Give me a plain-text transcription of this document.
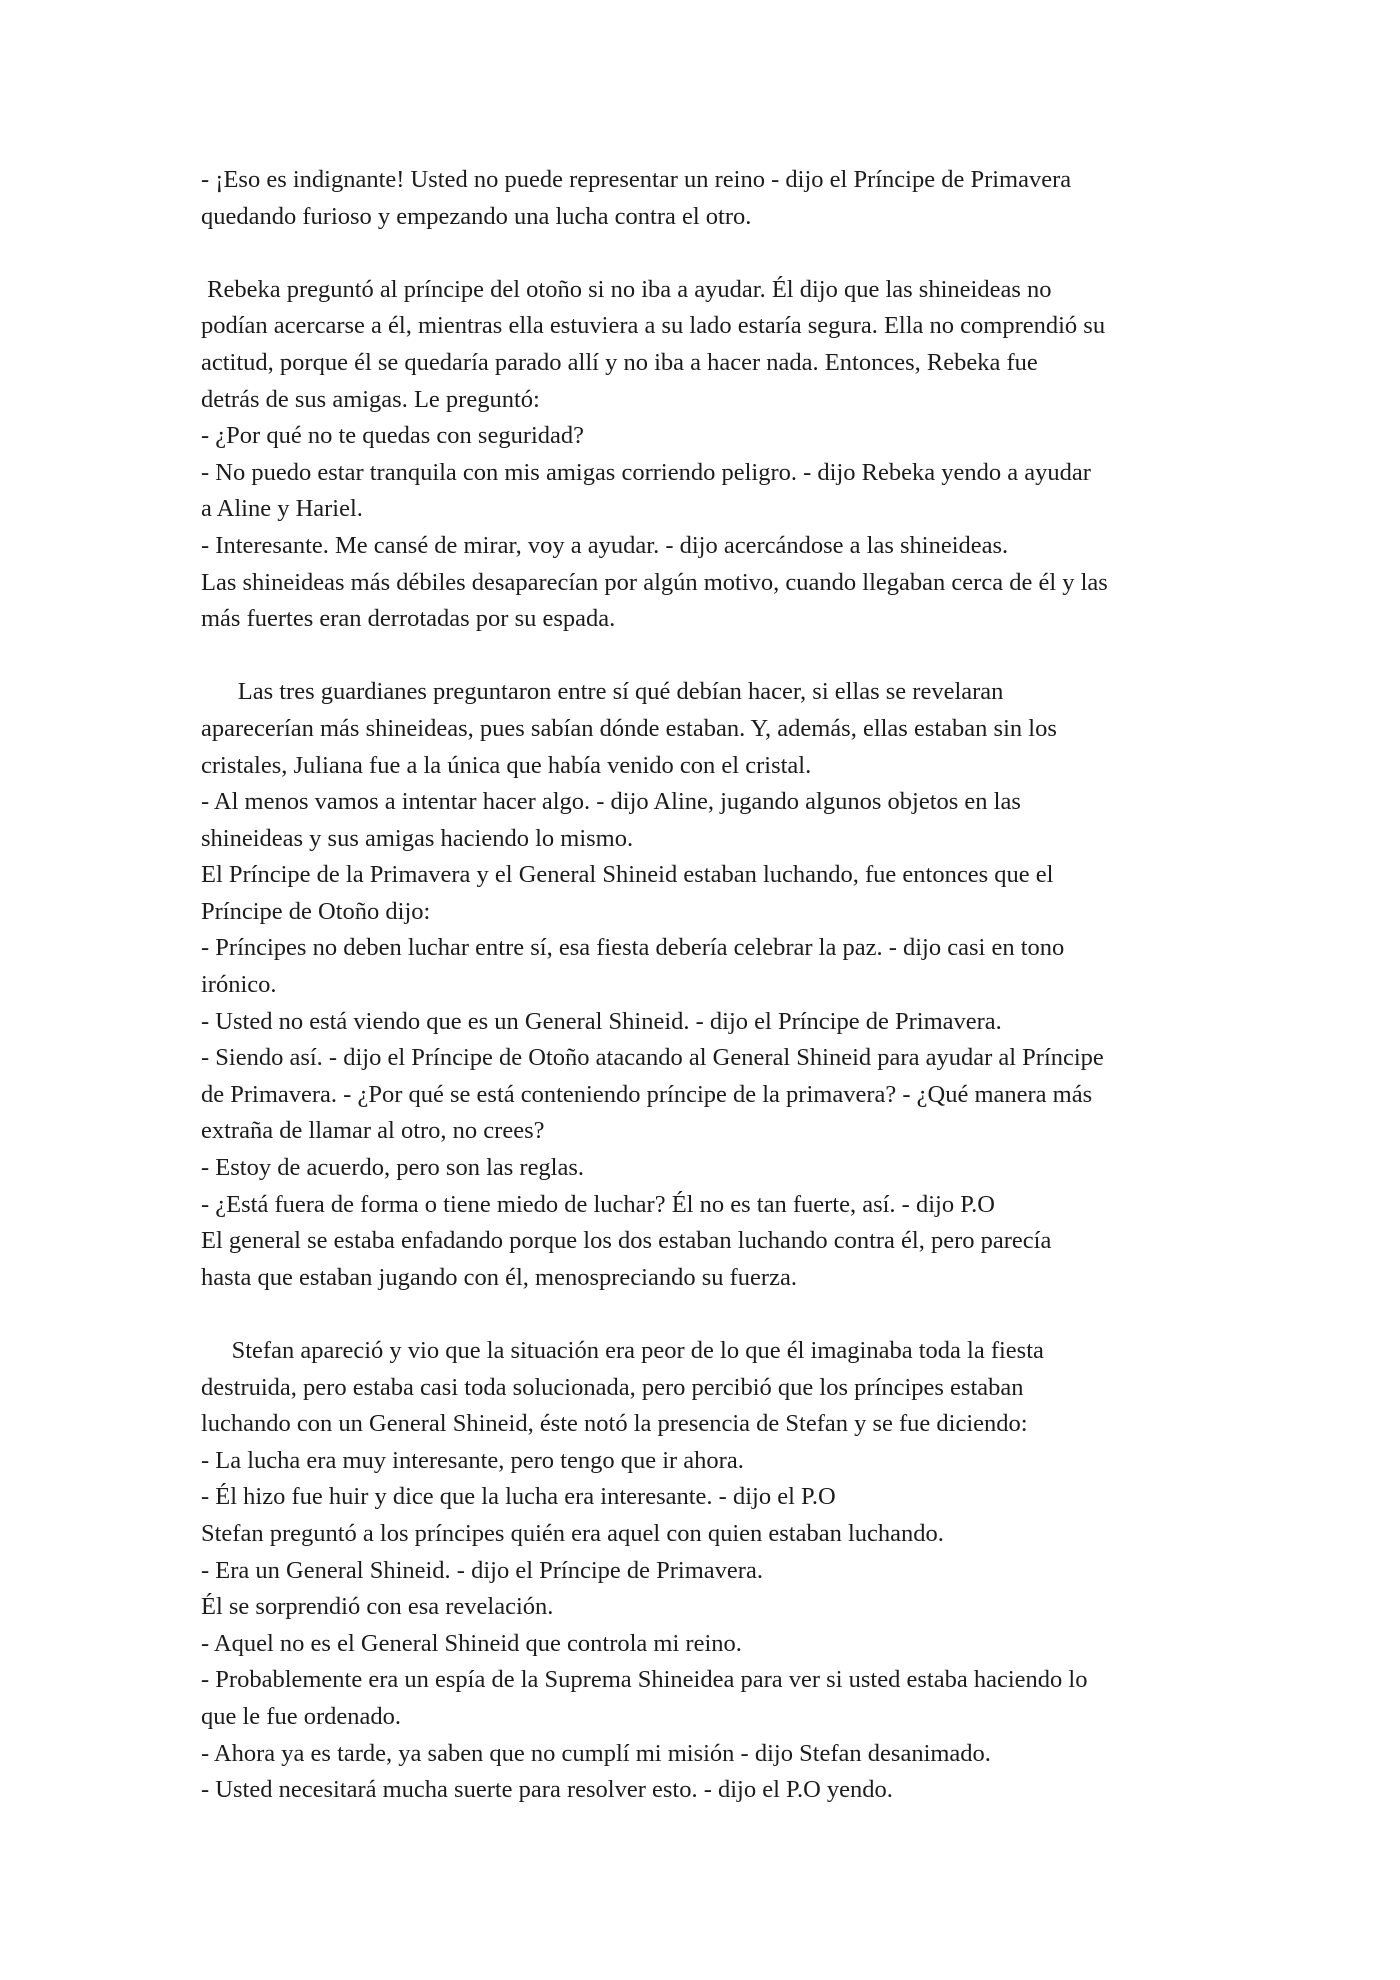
- ¡Eso es indignante! Usted no puede representar un reino - dijo el Príncipe de Primavera
quedando furioso y empezando una lucha contra el otro.
Rebeka preguntó al príncipe del otoño si no iba a ayudar. Él dijo que las shineideas no
podían acercarse a él, mientras ella estuviera a su lado estaría segura. Ella no comprendió su
actitud, porque él se quedaría parado allí y no iba a hacer nada. Entonces, Rebeka fue
detrás de sus amigas. Le preguntó:
- ¿Por qué no te quedas con seguridad?
- No puedo estar tranquila con mis amigas corriendo peligro. - dijo Rebeka yendo a ayudar
a Aline y Hariel.
- Interesante. Me cansé de mirar, voy a ayudar. - dijo acercándose a las shineideas.
Las shineideas más débiles desaparecían por algún motivo, cuando llegaban cerca de él y las
más fuertes eran derrotadas por su espada.
Las tres guardianes preguntaron entre sí qué debían hacer, si ellas se revelaran
aparecerían más shineideas, pues sabían dónde estaban. Y, además, ellas estaban sin los
cristales, Juliana fue a la única que había venido con el cristal.
- Al menos vamos a intentar hacer algo. - dijo Aline, jugando algunos objetos en las
shineideas y sus amigas haciendo lo mismo.
El Príncipe de la Primavera y el General Shineid estaban luchando, fue entonces que el
Príncipe de Otoño dijo:
- Príncipes no deben luchar entre sí, esa fiesta debería celebrar la paz. - dijo casi en tono
irónico.
- Usted no está viendo que es un General Shineid. - dijo el Príncipe de Primavera.
- Siendo así. - dijo el Príncipe de Otoño atacando al General Shineid para ayudar al Príncipe
de Primavera. - ¿Por qué se está conteniendo príncipe de la primavera? - ¿Qué manera más
extraña de llamar al otro, no crees?
- Estoy de acuerdo, pero son las reglas.
- ¿Está fuera de forma o tiene miedo de luchar? Él no es tan fuerte, así. - dijo P.O
El general se estaba enfadando porque los dos estaban luchando contra él, pero parecía
hasta que estaban jugando con él, menospreciando su fuerza.
Stefan apareció y vio que la situación era peor de lo que él imaginaba toda la fiesta
destruida, pero estaba casi toda solucionada, pero percibió que los príncipes estaban
luchando con un General Shineid, éste notó la presencia de Stefan y se fue diciendo:
- La lucha era muy interesante, pero tengo que ir ahora.
- Él hizo fue huir y dice que la lucha era interesante. - dijo el P.O
Stefan preguntó a los príncipes quién era aquel con quien estaban luchando.
- Era un General Shineid. - dijo el Príncipe de Primavera.
Él se sorprendió con esa revelación.
- Aquel no es el General Shineid que controla mi reino.
- Probablemente era un espía de la Suprema Shineidea para ver si usted estaba haciendo lo
que le fue ordenado.
- Ahora ya es tarde, ya saben que no cumplí mi misión - dijo Stefan desanimado.
- Usted necesitará mucha suerte para resolver esto. - dijo el P.O yendo.
